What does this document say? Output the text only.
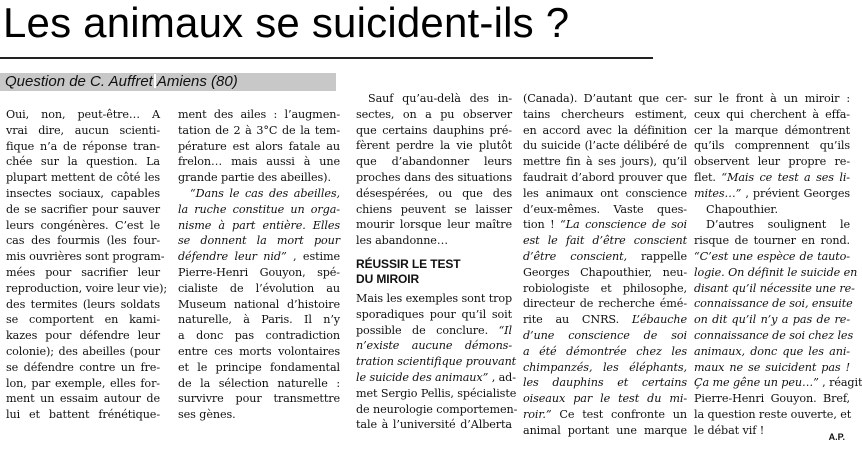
Les animaux se suicident-ils ?
Question de C. Auffret Amiens (80)
Oui, non, peut-être… A
vrai dire, aucun scienti-
fique n’a de réponse tran-
chée sur la question. La
plupart mettent de côté les
insectes sociaux, capables
de se sacrifier pour sauver
leurs congénères. C’est le
cas des fourmis (les four-
mis ouvrières sont program-
mées pour sacrifier leur
reproduction, voire leur vie);
des termites (leurs soldats
se comportent en kami-
kazes pour défendre leur
colonie); des abeilles (pour
se défendre contre un fre-
lon, par exemple, elles for-
ment un essaim autour de
lui et battent frénétique-
ment des ailes : l’augmen-
tation de 2 à 3°C de la tem-
pérature est alors fatale au
frelon… mais aussi à une
grande partie des abeilles).
“Dans le cas des abeilles,
la ruche constitue un orga-
nisme à part entière. Elles
se donnent la mort pour
défendre leur nid” , estime
Pierre-Henri Gouyon, spé-
cialiste de l’évolution au
Museum national d’histoire
naturelle, à Paris. Il n’y
a donc pas contradiction
entre ces morts volontaires
et le principe fondamental
de la sélection naturelle :
survivre pour transmettre
ses gènes.
Sauf qu’au-delà des in-
sectes, on a pu observer
que certains dauphins pré-
fèrent perdre la vie plutôt
que d’abandonner leurs
proches dans des situations
désespérées, ou que des
chiens peuvent se laisser
mourir lorsque leur maître
les abandonne…
RÉUSSIR LE TEST
DU MIROIR
Mais les exemples sont trop
sporadiques pour qu’il soit
possible de conclure. “Il
n’existe aucune démons-
tration scientifique prouvant
le suicide des animaux” , ad-
met Sergio Pellis, spécialiste
de neurologie comportemen-
tale à l’université d’Alberta
(Canada). D’autant que cer-
tains chercheurs estiment,
en accord avec la définition
du suicide (l’acte délibéré de
mettre fin à ses jours), qu’il
faudrait d’abord prouver que
les animaux ont conscience
d’eux-mêmes. Vaste ques-
tion ! “La conscience de soi
est le fait d’être conscient
d’être conscient, rappelle
Georges Chapouthier, neu-
robiologiste et philosophe,
directeur de recherche émé-
rite au CNRS. L’ébauche
d’une conscience de soi
a été démontrée chez les
chimpanzés, les éléphants,
les dauphins et certains
oiseaux par le test du mi-
roir.” Ce test confronte un
animal portant une marque
sur le front à un miroir :
ceux qui cherchent à effa-
cer la marque démontrent
qu’ils comprennent qu’ils
observent leur propre re-
flet. “Mais ce test a ses li-
mites…” , prévient Georges
Chapouthier.
D’autres soulignent le
risque de tourner en rond.
“C’est une espèce de tauto-
logie. On définit le suicide en
disant qu’il nécessite une re-
connaissance de soi, ensuite
on dit qu’il n’y a pas de re-
connaissance de soi chez les
animaux, donc que les ani-
maux ne se suicident pas !
Ça me gêne un peu…” , réagit
Pierre-Henri Gouyon. Bref,
la question reste ouverte, et
le débat vif !
A.P.
